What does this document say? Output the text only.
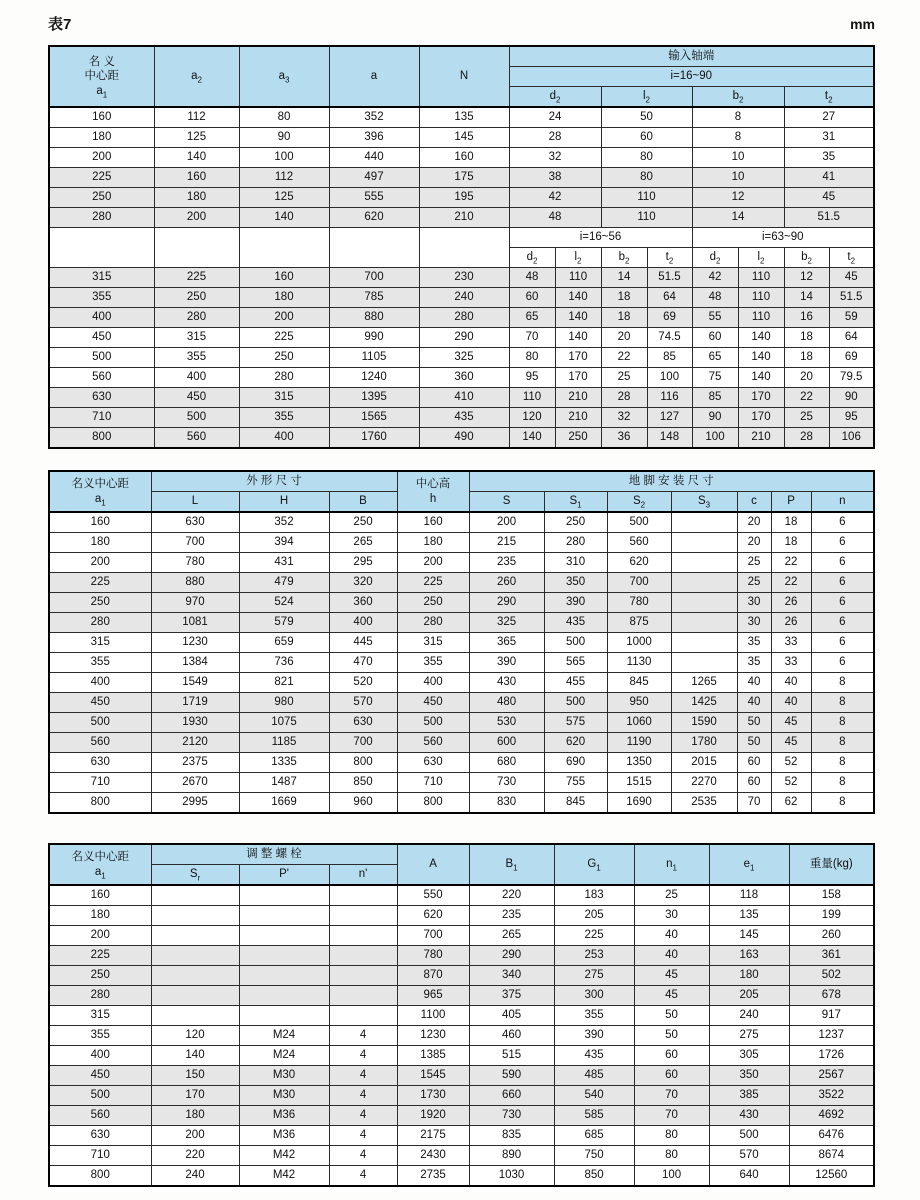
表7	mm
名 义
中心距
$a_1$	$a_2$	$a_3$	a	N	输入轴端							
					i=16~90							
					$d_2$		$l_2$		$b_2$		$t_2$
160	112	80	352	135	24		50		8		27	
180	125	90	396	145	28		60		8		31	
200	140	100	440	160	32		80		10		35	
225	160	112	497	175	38		80		10		41	
250	180	125	555	195	42		110		12		45	
280	200	140	620	210	48		110		14		51.5	
					i=16~56				i=63~90			
					$d_2$	$l_2$	$b_2$	$t_2$	$d_2$	$l_2$	$b_2$	$t_2$
315	225	160	700	230	48	110	14	51.5	42	110	12	45
355	250	180	785	240	60	140	18	64	48	110	14	51.5
400	280	200	880	280	65	140	18	69	55	110	16	59
450	315	225	990	290	70	140	20	74.5	60	140	18	64
500	355	250	1105	325	80	170	22	85	65	140	18	69
560	400	280	1240	360	95	170	25	100	75	140	20	79.5
630	450	315	1395	410	110	210	28	116	85	170	22	90
710	500	355	1565	435	120	210	32	127	90	170	25	95
800	560	400	1760	490	140	250	36	148	100	210	28	106
名义中心距
$a_1$
	外 形 尺 寸	中心高
h
	地 脚 安 装 尺 寸
	L	H	B		S	$S_1$	$S_2$	$S_3$	c	P	n
160	630	352	250	160	200	250	500		20	18	6
180	700	394	265	180	215	280	560		20	18	6
200	780	431	295	200	235	310	620		25	22	6
225	880	479	320	225	260	350	700		25	22	6
250	970	524	360	250	290	390	780		30	26	6
280	1081	579	400	280	325	435	875		30	26	6
315	1230	659	445	315	365	500	1000		35	33	6
355	1384	736	470	355	390	565	1130		35	33	6
400	1549	821	520	400	430	455	845	1265	40	40	8
450	1719	980	570	450	480	500	950	1425	40	40	8
500	1930	1075	630	500	530	575	1060	1590	50	45	8
560	2120	1185	700	560	600	620	1190	1780	50	45	8
630	2375	1335	800	630	680	690	1350	2015	60	52	8
710	2670	1487	850	710	730	755	1515	2270	60	52	8
800	2995	1669	960	800	830	845	1690	2535	70	62	8
名义中心距
$a_1$	调 整 螺 栓			A	$B_1$	$G_1$	$n_1$	$e_1$	重量(kg)
	$S_r$	P'	n'						
160				550	220	183	25	118	158
180				620	235	205	30	135	199
200				700	265	225	40	145	260
225				780	290	253	40	163	361
250				870	340	275	45	180	502
280				965	375	300	45	205	678
315				1100	405	355	50	240	917
355	120	M24	4	1230	460	390	50	275	1237
400	140	M24	4	1385	515	435	60	305	1726
450	150	M30	4	1545	590	485	60	350	2567
500	170	M30	4	1730	660	540	70	385	3522
560	180	M36	4	1920	730	585	70	430	4692
630	200	M36	4	2175	835	685	80	500	6476
710	220	M42	4	2430	890	750	80	570	8674
800	240	M42	4	2735	1030	850	100	640	12560
